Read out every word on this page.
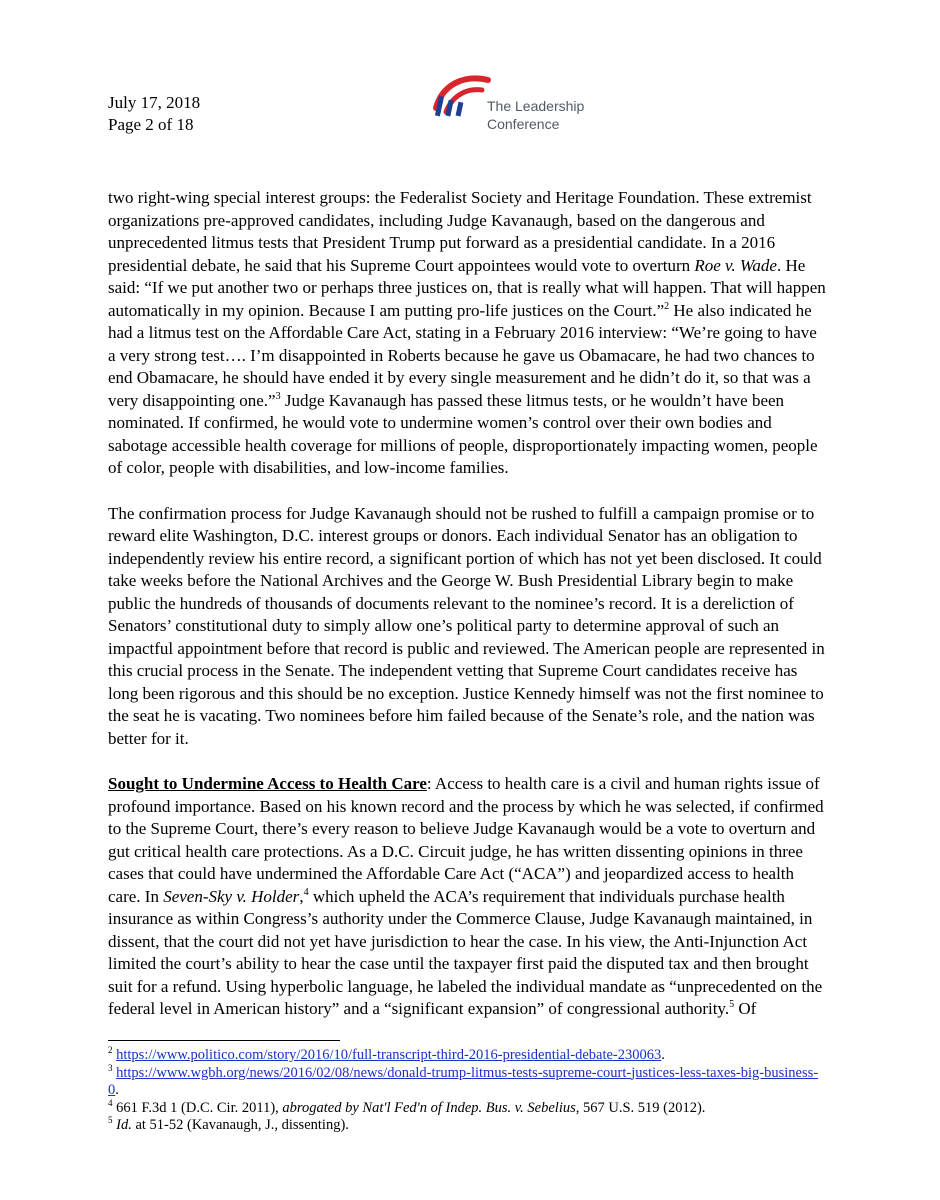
July 17, 2018
Page 2 of 18
The Leadership
Conference

two right-wing special interest groups: the Federalist Society and Heritage Foundation. These extremist organizations pre-approved candidates, including Judge Kavanaugh, based on the dangerous and unprecedented litmus tests that President Trump put forward as a presidential candidate. In a 2016 presidential debate, he said that his Supreme Court appointees would vote to overturn Roe v. Wade. He said: “If we put another two or perhaps three justices on, that is really what will happen. That will happen automatically in my opinion. Because I am putting pro-life justices on the Court.”$^2$ He also indicated he had a litmus test on the Affordable Care Act, stating in a February 2016 interview: “We’re going to have a very strong test…. I’m disappointed in Roberts because he gave us Obamacare, he had two chances to end Obamacare, he should have ended it by every single measurement and he didn’t do it, so that was a very disappointing one.”$^3$ Judge Kavanaugh has passed these litmus tests, or he wouldn’t have been nominated. If confirmed, he would vote to undermine women’s control over their own bodies and sabotage accessible health coverage for millions of people, disproportionately impacting women, people of color, people with disabilities, and low-income families.

The confirmation process for Judge Kavanaugh should not be rushed to fulfill a campaign promise or to reward elite Washington, D.C. interest groups or donors. Each individual Senator has an obligation to independently review his entire record, a significant portion of which has not yet been disclosed. It could take weeks before the National Archives and the George W. Bush Presidential Library begin to make public the hundreds of thousands of documents relevant to the nominee’s record. It is a dereliction of Senators’ constitutional duty to simply allow one’s political party to determine approval of such an impactful appointment before that record is public and reviewed. The American people are represented in this crucial process in the Senate. The independent vetting that Supreme Court candidates receive has long been rigorous and this should be no exception. Justice Kennedy himself was not the first nominee to the seat he is vacating. Two nominees before him failed because of the Senate’s role, and the nation was better for it.

Sought to Undermine Access to Health Care: Access to health care is a civil and human rights issue of profound importance. Based on his known record and the process by which he was selected, if confirmed to the Supreme Court, there’s every reason to believe Judge Kavanaugh would be a vote to overturn and gut critical health care protections. As a D.C. Circuit judge, he has written dissenting opinions in three cases that could have undermined the Affordable Care Act (“ACA”) and jeopardized access to health care. In Seven-Sky v. Holder,$^4$ which upheld the ACA’s requirement that individuals purchase health insurance as within Congress’s authority under the Commerce Clause, Judge Kavanaugh maintained, in dissent, that the court did not yet have jurisdiction to hear the case. In his view, the Anti-Injunction Act limited the court’s ability to hear the case until the taxpayer first paid the disputed tax and then brought suit for a refund. Using hyperbolic language, he labeled the individual mandate as “unprecedented on the federal level in American history” and a “significant expansion” of congressional authority.$^5$ Of

$^2$ https://www.politico.com/story/2016/10/full-transcript-third-2016-presidential-debate-230063.
$^3$ https://www.wgbh.org/news/2016/02/08/news/donald-trump-litmus-tests-supreme-court-justices-less-taxes-big-business-0.
$^4$ 661 F.3d 1 (D.C. Cir. 2011), abrogated by Nat'l Fed'n of Indep. Bus. v. Sebelius, 567 U.S. 519 (2012).
$^5$ Id. at 51-52 (Kavanaugh, J., dissenting).
